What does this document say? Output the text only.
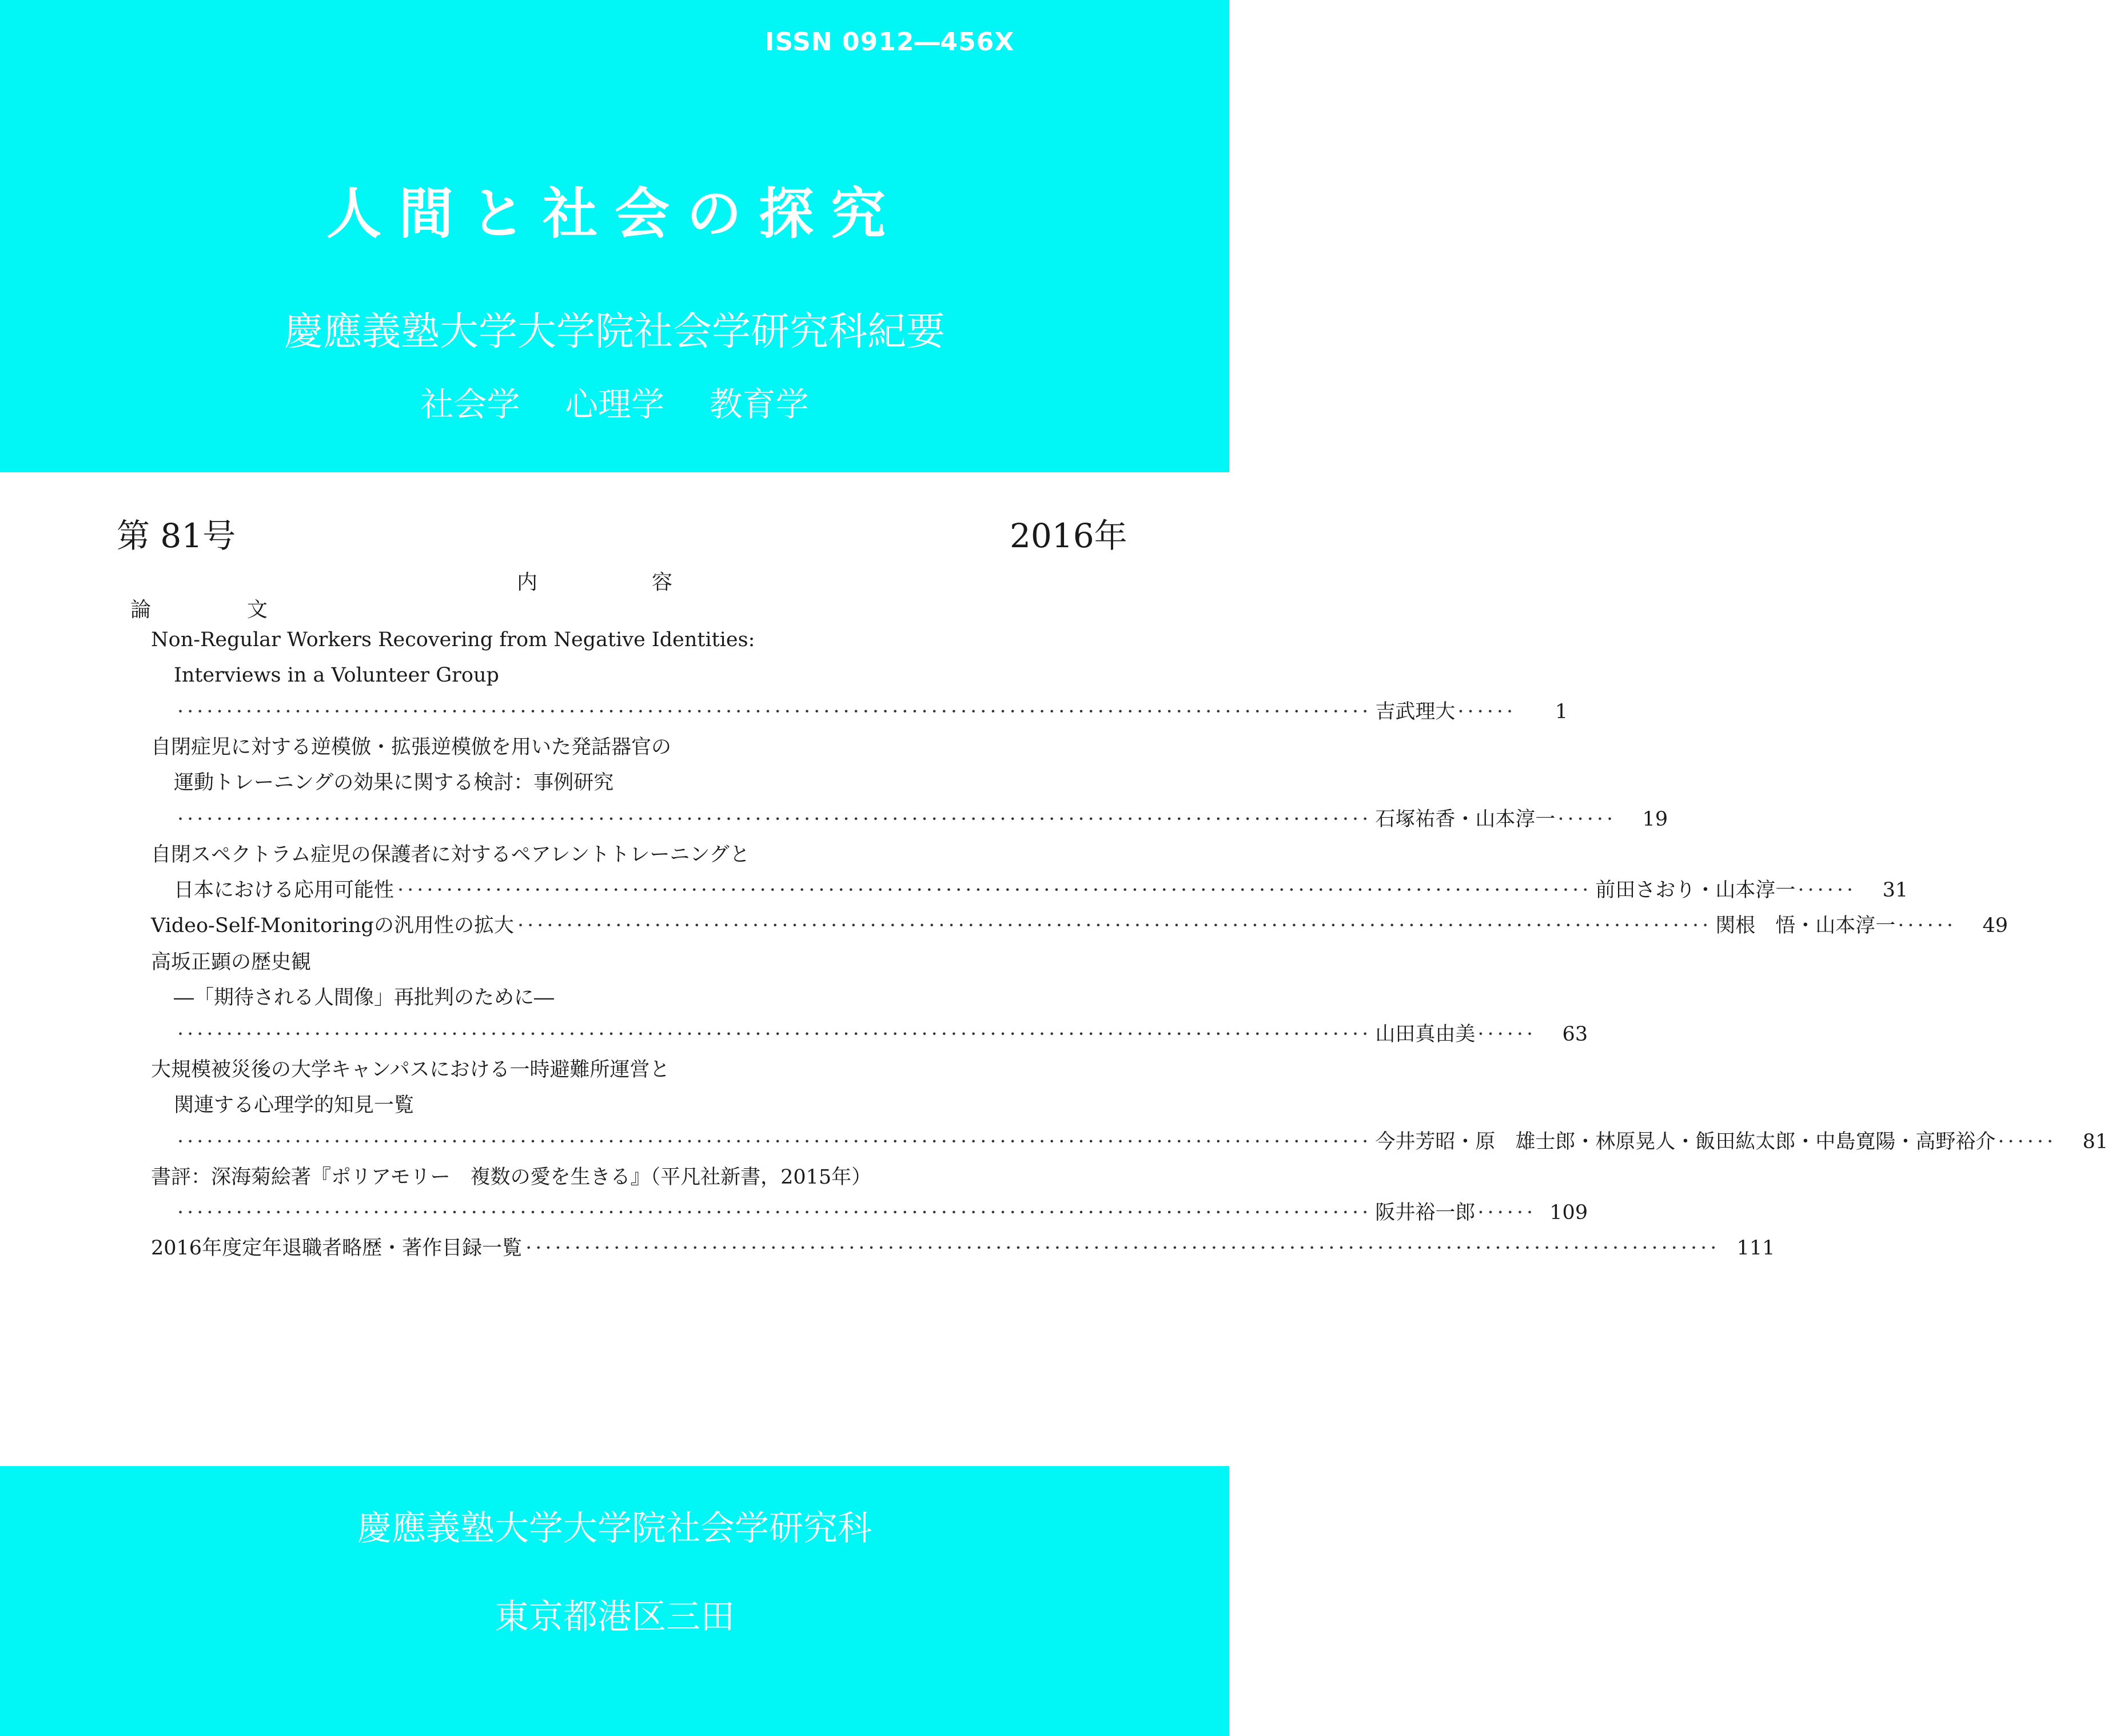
ISSN 0912―456X
人間と社会の探究
慶應義塾大学大学院社会学研究科紀要
社会学 心理学 教育学
第 81号	2016年
内容
論文
Non-Regular Workers Recovering from Negative Identities:
Interviews in a Volunteer Group
·························································································································· 吉武理大 ······	1
自閉症児に対する逆模倣・拡張逆模倣を用いた発話器官の
運動トレーニングの効果に関する検討：事例研究
·························································································································· 石塚祐香・山本淳一 ······	19
自閉スペクトラム症児の保護者に対するペアレントトレーニングと
日本における応用可能性 ·························································································································· 前田さおり・山本淳一 ······	31
Video-Self-Monitoringの汎用性の拡大 ·························································································································· 関根　悟・山本淳一 ······	49
高坂正顕の歴史観
―「期待される人間像」再批判のために―
·························································································································· 山田真由美 ······	63
大規模被災後の大学キャンパスにおける一時避難所運営と
関連する心理学的知見一覧
·························································································································· 今井芳昭・原　雄士郎・林原晃人・飯田紘太郎・中島寛陽・高野裕介 ······	81
書評：深海菊絵著『ポリアモリー　複数の愛を生きる』（平凡社新書，2015年）
·························································································································· 阪井裕一郎 ······ 109
2016年度定年退職者略歴・著作目録一覧 ·························································································································· 111
慶應義塾大学大学院社会学研究科
東京都港区三田
